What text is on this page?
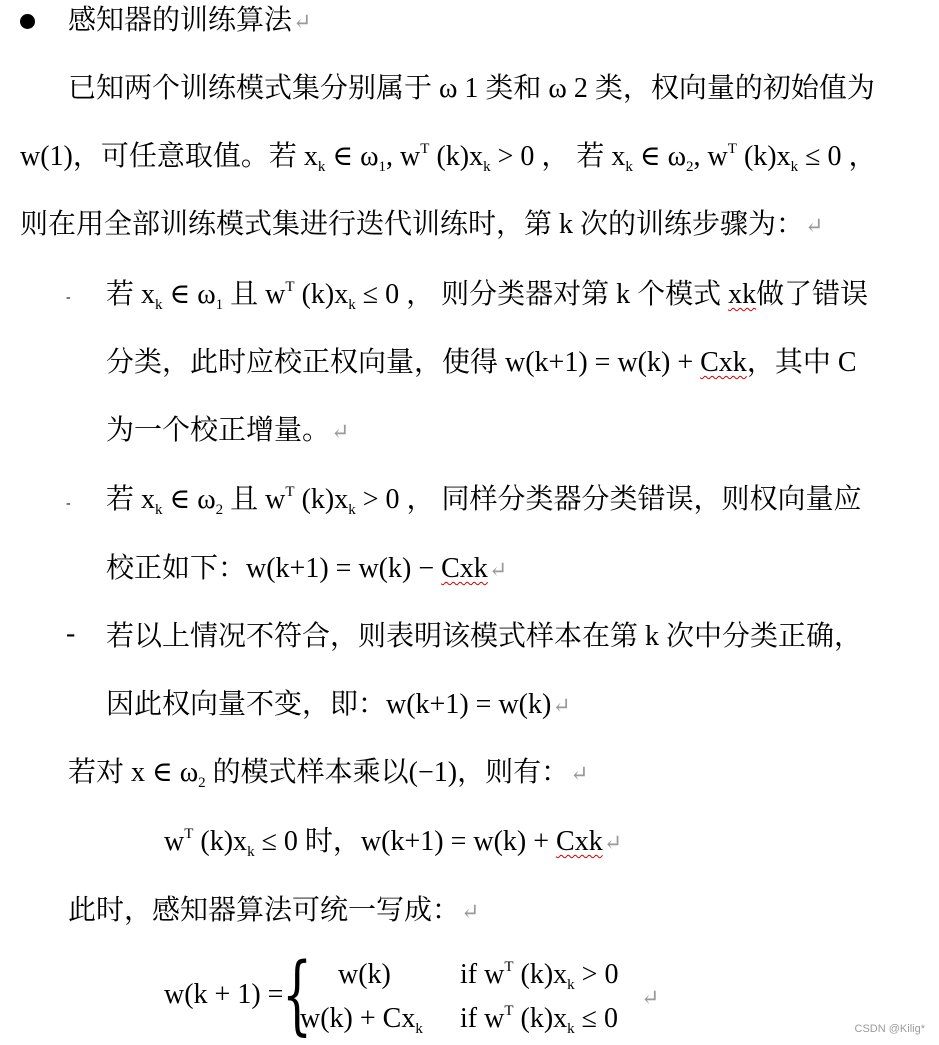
感知器的训练算法↵
已知两个训练模式集分别属于 ω 1 类和 ω 2 类，权向量的初始值为
w(1)，可任意取值。若 $x_k$ ∈ $\omega_1$, $w^T$ $(k)x_k > 0$ ， 若 $x_k$ ∈ $\omega_2$, $w^T$ $(k)x_k \le 0$ ，
则在用全部训练模式集进行迭代训练时，第 k 次的训练步骤为：↵
- 若 $x_k$ ∈ $\omega_1$ 且 $w^T$ $(k)x_k \le 0$ ， 则分类器对第 k 个模式 xk做了错误
分类，此时应校正权向量，使得 w(k+1) = w(k) + Cxk，其中 C
为一个校正增量。↵
- 若 $x_k$ ∈ $\omega_2$ 且 $w^T$ $(k)x_k > 0$ ， 同样分类器分类错误，则权向量应
校正如下：w(k+1) = w(k) − Cxk↵
- 若以上情况不符合，则表明该模式样本在第 k 次中分类正确，
因此权向量不变，即：w(k+1) = w(k)↵
若对 x ∈ $\omega_2$ 的模式样本乘以(−1)，则有：↵
$w^T$ $(k)x_k \le 0$ 时，w(k+1) = w(k) + Cxk↵
此时，感知器算法可统一写成：↵
w(k + 1) =
{ w(k) if $w^T$ $(k)x_k > 0$
$w(k) + Cx_k$ if $w^T$ $(k)x_k \le 0$
↵
CSDN @Kilig*
